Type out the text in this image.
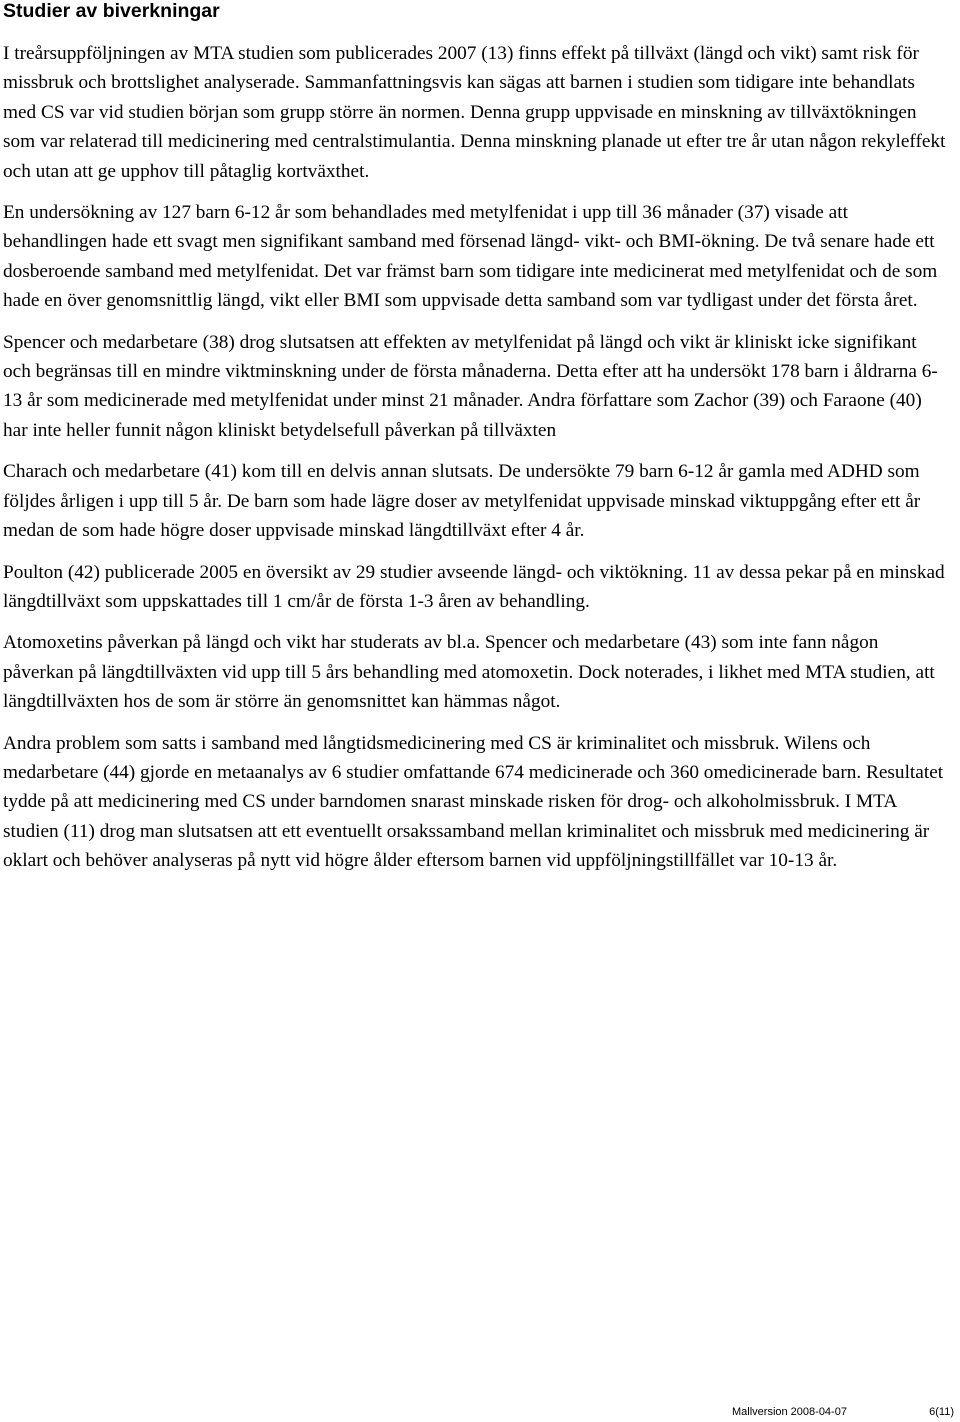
Studier av biverkningar

I treårsuppföljningen av MTA studien som publicerades 2007 (13) finns effekt på tillväxt (längd och vikt) samt risk för missbruk och brottslighet analyserade. Sammanfattningsvis kan sägas att barnen i studien som tidigare inte behandlats med CS var vid studien början som grupp större än normen. Denna grupp uppvisade en minskning av tillväxtökningen som var relaterad till medicinering med centralstimulantia. Denna minskning planade ut efter tre år utan någon rekyleffekt och utan att ge upphov till påtaglig kortväxthet.

En undersökning av 127 barn 6-12 år som behandlades med metylfenidat i upp till 36 månader (37) visade att behandlingen hade ett svagt men signifikant samband med försenad längd- vikt- och BMI-ökning. De två senare hade ett dosberoende samband med metylfenidat. Det var främst barn som tidigare inte medicinerat med metylfenidat och de som hade en över genomsnittlig längd, vikt eller BMI som uppvisade detta samband som var tydligast under det första året.

Spencer och medarbetare (38) drog slutsatsen att effekten av metylfenidat på längd och vikt är kliniskt icke signifikant och begränsas till en mindre viktminskning under de första månaderna. Detta efter att ha undersökt 178 barn i åldrarna 6-13 år som medicinerade med metylfenidat under minst 21 månader. Andra författare som Zachor (39) och Faraone (40) har inte heller funnit någon kliniskt betydelsefull påverkan på tillväxten

Charach och medarbetare (41) kom till en delvis annan slutsats. De undersökte 79 barn 6-12 år gamla med ADHD som följdes årligen i upp till 5 år. De barn som hade lägre doser av metylfenidat uppvisade minskad viktuppgång efter ett år medan de som hade högre doser uppvisade minskad längdtillväxt efter 4 år.

Poulton (42) publicerade 2005 en översikt av 29 studier avseende längd- och viktökning. 11 av dessa pekar på en minskad längdtillväxt som uppskattades till 1 cm/år de första 1-3 åren av behandling.

Atomoxetins påverkan på längd och vikt har studerats av bl.a. Spencer och medarbetare (43) som inte fann någon påverkan på längdtillväxten vid upp till 5 års behandling med atomoxetin. Dock noterades, i likhet med MTA studien, att längdtillväxten hos de som är större än genomsnittet kan hämmas något.

Andra problem som satts i samband med långtidsmedicinering med CS är kriminalitet och missbruk. Wilens och medarbetare (44) gjorde en metaanalys av 6 studier omfattande 674 medicinerade och 360 omedicinerade barn. Resultatet tydde på att medicinering med CS under barndomen snarast minskade risken för drog- och alkoholmissbruk. I MTA studien (11) drog man slutsatsen att ett eventuellt orsakssamband mellan kriminalitet och missbruk med medicinering är oklart och behöver analyseras på nytt vid högre ålder eftersom barnen vid uppföljningstillfället var 10-13 år.

Mallversion 2008-04-07	6(11)
